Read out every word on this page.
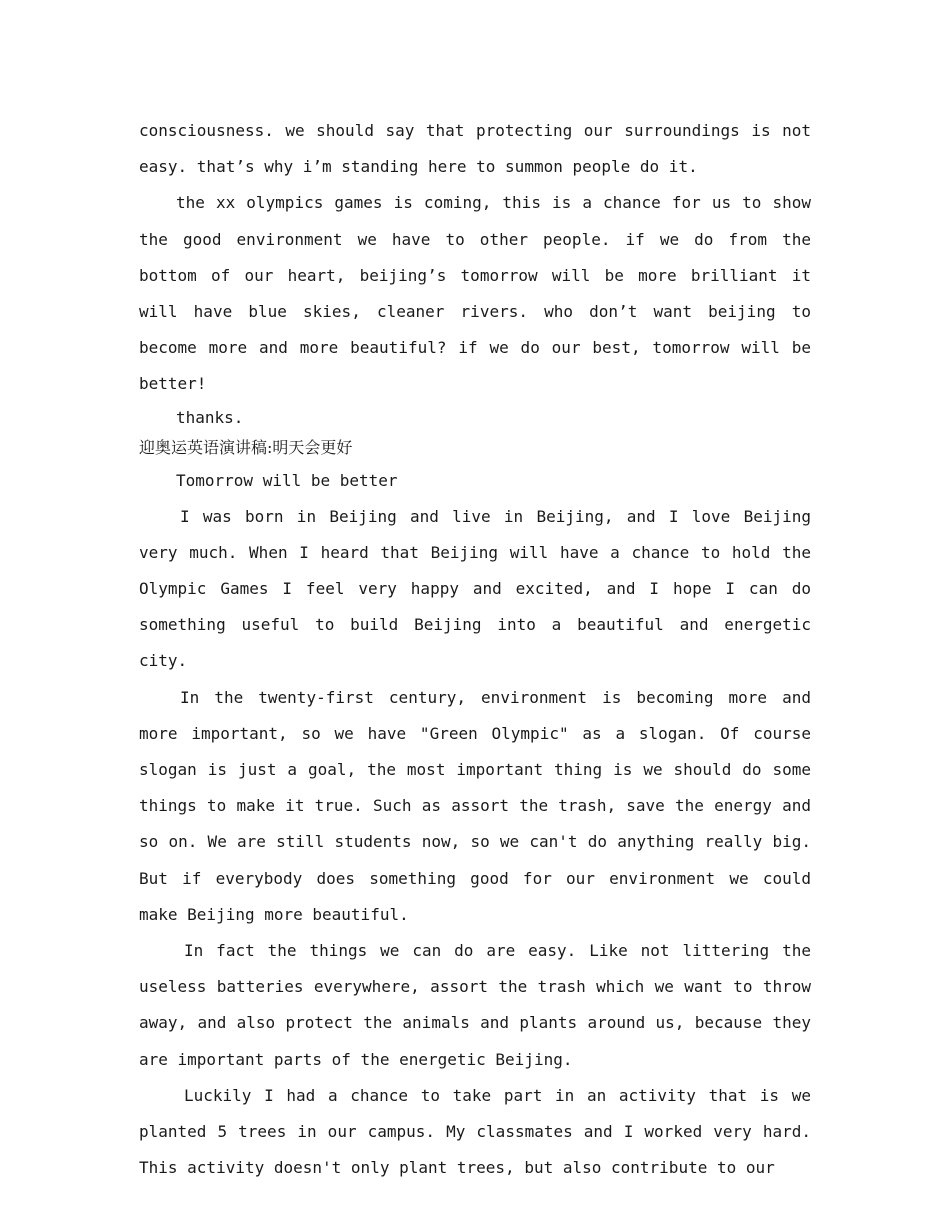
consciousness. we should say that protecting our surroundings is not easy. that’s why i’m standing here to summon people do it.

the xx olympics games is coming, this is a chance for us to show the good environment we have to other people. if we do from the bottom of our heart, beijing’s tomorrow will be more brilliant it will have blue skies, cleaner rivers. who don’t want beijing to become more and more beautiful? if we do our best, tomorrow will be better!

thanks.

迎奥运英语演讲稿:明天会更好

Tomorrow will be better

I was born in Beijing and live in Beijing, and I love Beijing very much. When I heard that Beijing will have a chance to hold the Olympic Games I feel very happy and excited, and I hope I can do something useful to build Beijing into a beautiful and energetic city.

In the twenty-first century, environment is becoming more and more important, so we have "Green Olympic" as a slogan. Of course slogan is just a goal, the most important thing is we should do some things to make it true. Such as assort the trash, save the energy and so on. We are still students now, so we can't do anything really big. But if everybody does something good for our environment we could make Beijing more beautiful.

In fact the things we can do are easy. Like not littering the useless batteries everywhere, assort the trash which we want to throw away, and also protect the animals and plants around us, because they are important parts of the energetic Beijing.

Luckily I had a chance to take part in an activity that is we planted 5 trees in our campus. My classmates and I worked very hard. This activity doesn't only plant trees, but also contribute to our
